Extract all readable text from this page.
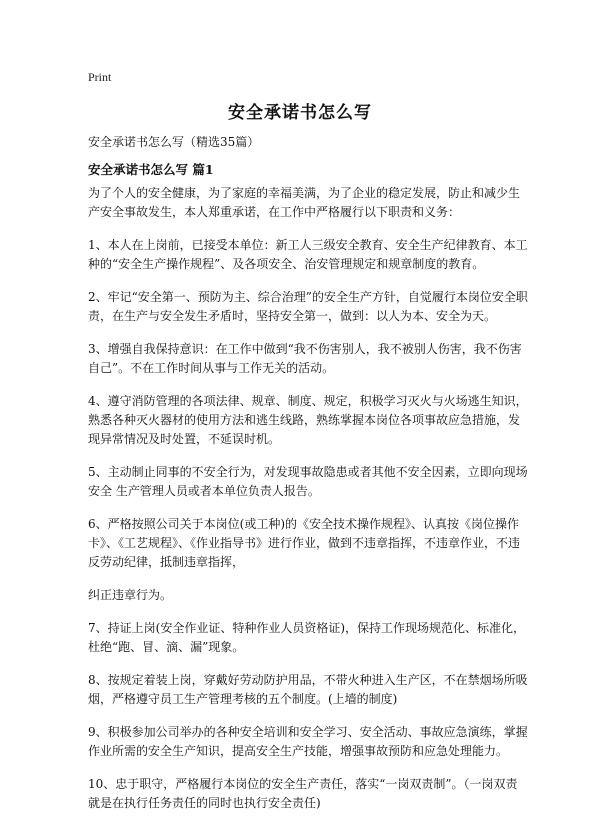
Print
安全承诺书怎么写
安全承诺书怎么写（精选35篇）
安全承诺书怎么写 篇1

为了个人的安全健康，为了家庭的幸福美满，为了企业的稳定发展，防止和减少生产安全事故发生，本人郑重承诺，在工作中严格履行以下职责和义务：

1、本人在上岗前，已接受本单位：新工人三级安全教育、安全生产纪律教育、本工种的“安全生产操作规程”、及各项安全、治安管理规定和规章制度的教育。

2、牢记“安全第一、预防为主、综合治理”的安全生产方针，自觉履行本岗位安全职责，在生产与安全发生矛盾时，坚持安全第一，做到：以人为本、安全为天。

3、增强自我保持意识：在工作中做到“我不伤害别人，我不被别人伤害，我不伤害自己”。不在工作时间从事与工作无关的活动。

4、遵守消防管理的各项法律、规章、制度、规定，积极学习灭火与火场逃生知识，熟悉各种灭火器材的使用方法和逃生线路，熟练掌握本岗位各项事故应急措施，发现异常情况及时处置，不延误时机。

5、主动制止同事的不安全行为，对发现事故隐患或者其他不安全因素，立即向现场安全 生产管理人员或者本单位负责人报告。

6、严格按照公司关于本岗位(或工种)的《安全技术操作规程》、认真按《岗位操作卡》、《工艺规程》、《作业指导书》进行作业，做到不违章指挥，不违章作业，不违反劳动纪律，抵制违章指挥，

纠正违章行为。

7、持证上岗(安全作业证、特种作业人员资格证)，保持工作现场规范化、标准化，杜绝“跑、冒、滴、漏”现象。

8、按规定着装上岗，穿戴好劳动防护用品，不带火种进入生产区，不在禁烟场所吸烟，严格遵守员工生产管理考核的五个制度。(上墙的制度)

9、积极参加公司举办的各种安全培训和安全学习、安全活动、事故应急演练，掌握作业所需的安全生产知识，提高安全生产技能，增强事故预防和应急处理能力。

10、忠于职守，严格履行本岗位的安全生产责任，落实“一岗双责制”。（一岗双责就是在执行任务责任的同时也执行安全责任)
